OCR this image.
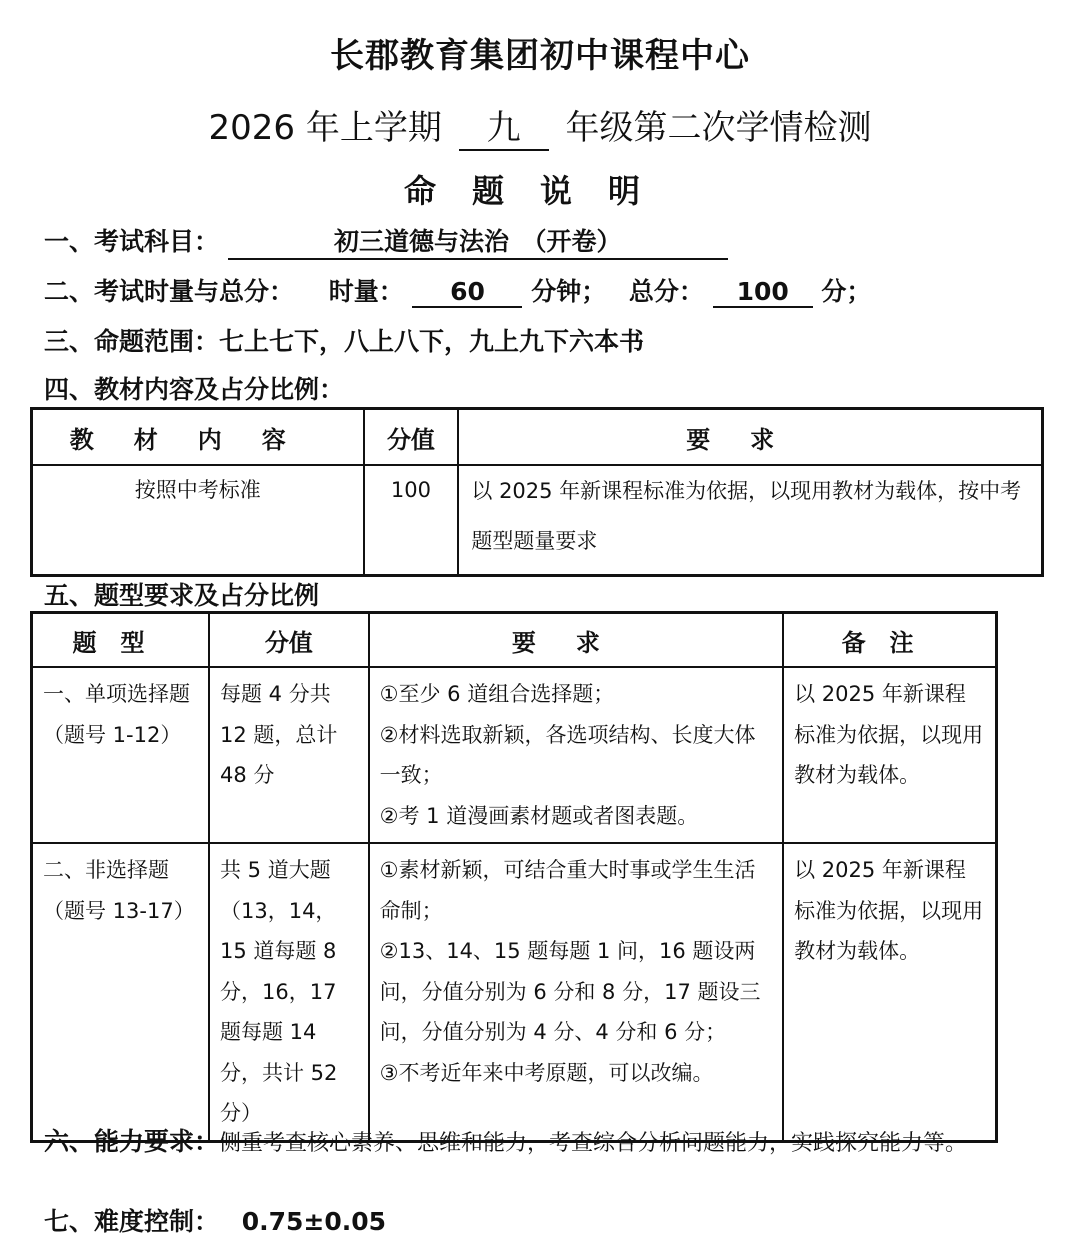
长郡教育集团初中课程中心
2026 年上学期 九 年级第二次学情检测
命题说明
一、考试科目：	初三道德与法治　（开卷）
二、考试时量与总分： 时量： 60 分钟； 总分： 100 分；
三、命题范围：七上七下，八上八下，九上九下六本书
四、教材内容及占分比例：
教材内容	分值	要求
按照中考标准	100	以 2025 年新课程标准为依据，以现用教材为载体，按中考题型题量要求
五、题型要求及占分比例
题型	分值	要求	备注
一、单项选择题（题号 1-12）	每题 4 分共 12 题，总计 48 分	①至少 6 道组合选择题；
②材料选取新颖，各选项结构、长度大体一致；
②考 1 道漫画素材题或者图表题。	以 2025 年新课程标准为依据，以现用教材为载体。
二、非选择题（题号 13-17）	共 5 道大题（13，14，15 道每题 8 分，16，17 题每题 14 分，共计 52 分）	①素材新颖，可结合重大时事或学生生活命制；
②13、14、15 题每题 1 问，16 题设两问，分值分别为 6 分和 8 分，17 题设三问，分值分别为 4 分、4 分和 6 分；
③不考近年来中考原题，可以改编。	以 2025 年新课程标准为依据，以现用教材为载体。
六、能力要求：侧重考查核心素养、思维和能力，考查综合分析问题能力，实践探究能力等。
七、难度控制： 0.75±0.05
